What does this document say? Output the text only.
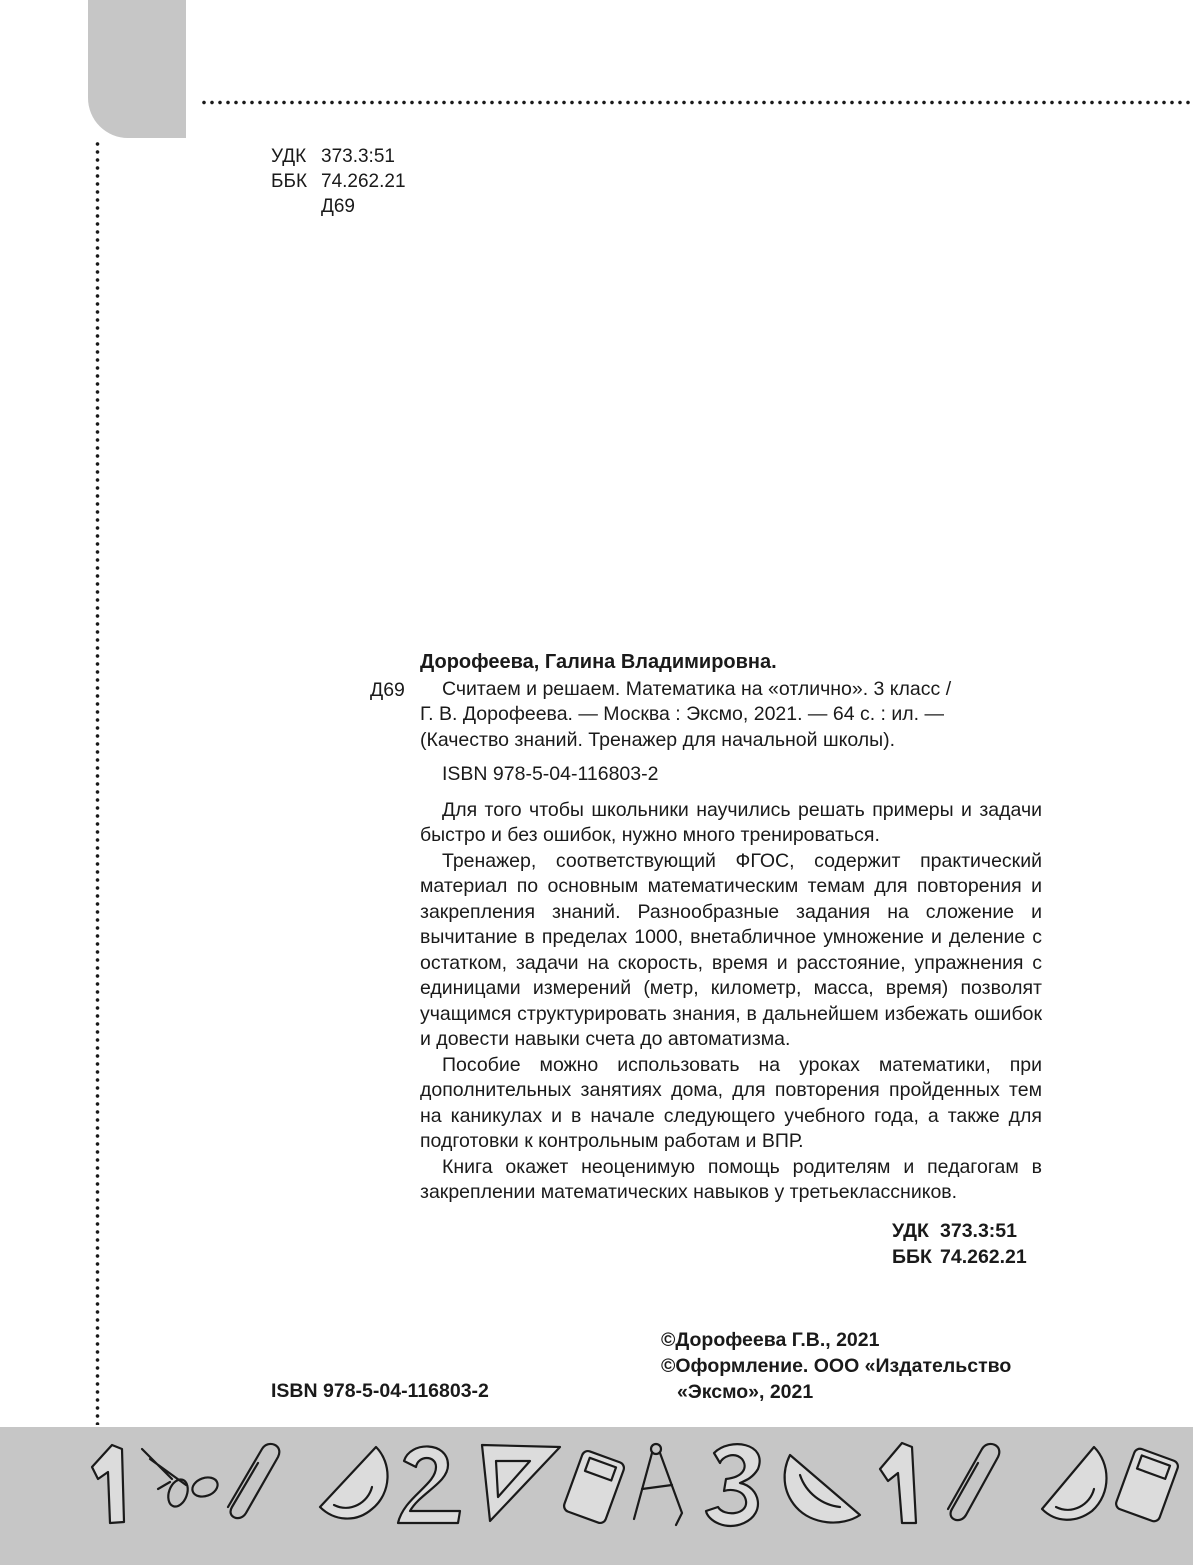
УДК 373.3:51
ББК 74.262.21
Д69
Д69
Дорофеева, Галина Владимировна.
Считаем и решаем. Математика на «отлично». 3 класс /
Г. В. Дорофеева. — Москва : Эксмо, 2021. — 64 с. : ил. —
(Качество знаний. Тренажер для начальной школы).
ISBN 978-5-04-116803-2

Для того чтобы школьники научились решать примеры и задачи быстро и без ошибок, нужно много тренироваться.

Тренажер, соответствующий ФГОС, содержит практический материал по основным математическим темам для повторения и закрепления знаний. Разнообразные задания на сложение и вычитание в пределах 1000, внетабличное умножение и деление с остатком, задачи на скорость, время и расстояние, упражнения с единицами измерений (метр, километр, масса, время) позволят учащимся структурировать знания, в дальнейшем избежать ошибок и довести навыки счета до автоматизма.

Пособие можно использовать на уроках математики, при дополнительных занятиях дома, для повторения пройденных тем на каникулах и в начале следующего учебного года, а также для подготовки к контрольным работам и ВПР.

Книга окажет неоценимую помощь родителям и педагогам в закреплении математических навыков у третьеклассников.

УДК 373.3:51
ББК 74.262.21
©Дорофеева Г.В., 2021
©Оформление. ООО «Издательство
«Эксмо», 2021
ISBN 978-5-04-116803-2
